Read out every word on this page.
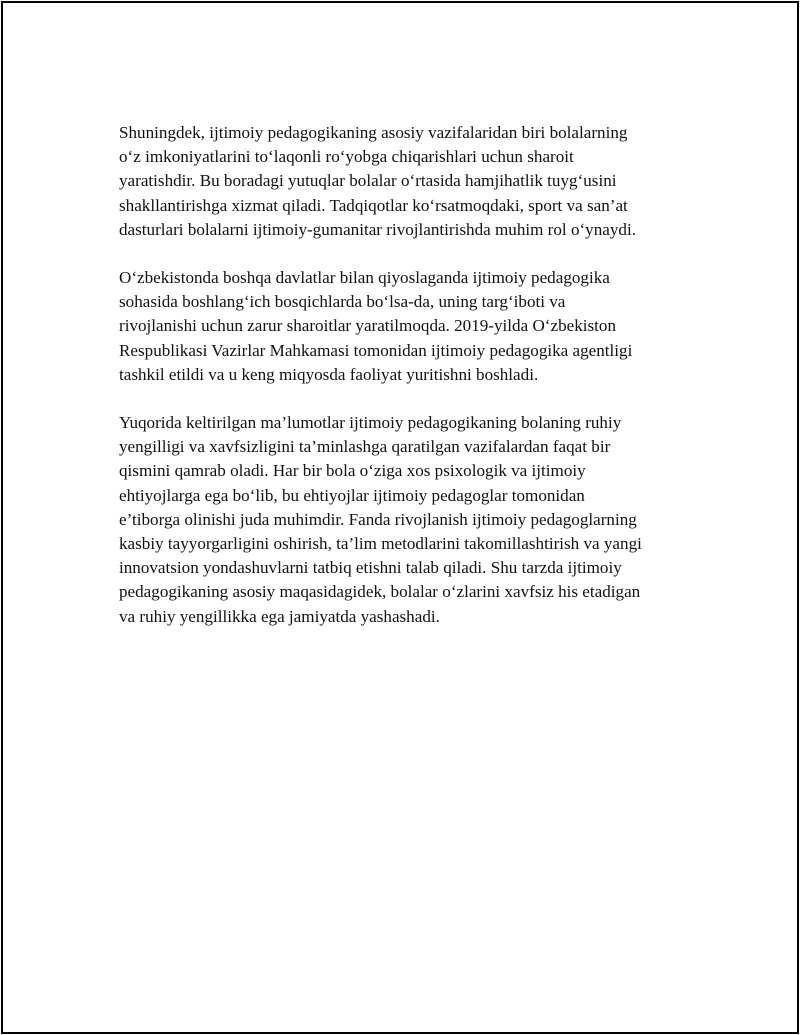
Shuningdek, ijtimoiy pedagogikaning asosiy vazifalaridan biri bolalarning
o‘z imkoniyatlarini to‘laqonli ro‘yobga chiqarishlari uchun sharoit
yaratishdir. Bu boradagi yutuqlar bolalar o‘rtasida hamjihatlik tuyg‘usini
shakllantirishga xizmat qiladi. Tadqiqotlar ko‘rsatmoqdaki, sport va san’at
dasturlari bolalarni ijtimoiy-gumanitar rivojlantirishda muhim rol o‘ynaydi.

O‘zbekistonda boshqa davlatlar bilan qiyoslaganda ijtimoiy pedagogika
sohasida boshlang‘ich bosqichlarda bo‘lsa-da, uning targ‘iboti va
rivojlanishi uchun zarur sharoitlar yaratilmoqda. 2019-yilda O‘zbekiston
Respublikasi Vazirlar Mahkamasi tomonidan ijtimoiy pedagogika agentligi
tashkil etildi va u keng miqyosda faoliyat yuritishni boshladi.

Yuqorida keltirilgan ma’lumotlar ijtimoiy pedagogikaning bolaning ruhiy
yengilligi va xavfsizligini ta’minlashga qaratilgan vazifalardan faqat bir
qismini qamrab oladi. Har bir bola o‘ziga xos psixologik va ijtimoiy
ehtiyojlarga ega bo‘lib, bu ehtiyojlar ijtimoiy pedagoglar tomonidan
e’tiborga olinishi juda muhimdir. Fanda rivojlanish ijtimoiy pedagoglarning
kasbiy tayyorgarligini oshirish, ta’lim metodlarini takomillashtirish va yangi
innovatsion yondashuvlarni tatbiq etishni talab qiladi. Shu tarzda ijtimoiy
pedagogikaning asosiy maqasidagidek, bolalar o‘zlarini xavfsiz his etadigan
va ruhiy yengillikka ega jamiyatda yashashadi.
